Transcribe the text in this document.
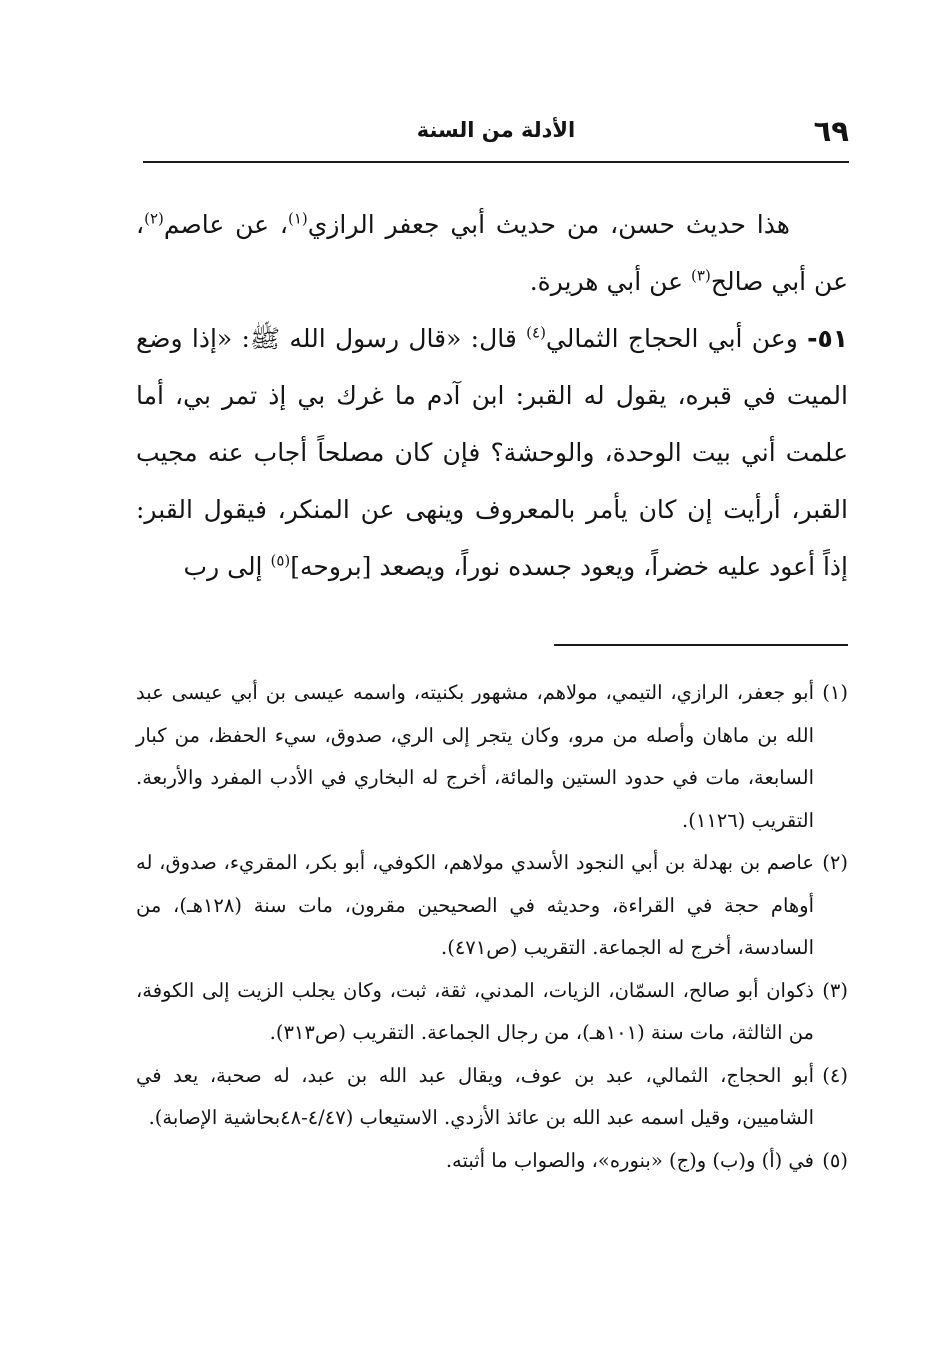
٦٩
الأدلة من السنة

هذا حديث حسن، من حديث أبي جعفر الرازي$^{(١)}$، عن عاصم$^{(٢)}$، عن أبي صالح$^{(٣)}$ عن أبي هريرة.

٥١- وعن أبي الحجاج الثمالي$^{(٤)}$ قال: «قال رسول الله ﷺ: «إذا وضع الميت في قبره، يقول له القبر: ابن آدم ما غرك بي إذ تمر بي، أما علمت أني بيت الوحدة، والوحشة؟ فإن كان مصلحاً أجاب عنه مجيب القبر، أرأيت إن كان يأمر بالمعروف وينهى عن المنكر، فيقول القبر: إذاً أعود عليه خضراً، ويعود جسده نوراً، ويصعد [بروحه]$^{(٥)}$ إلى رب

(١)
أبو جعفر، الرازي، التيمي، مولاهم، مشهور بكنيته، واسمه عيسى بن أبي عيسى عبد الله بن ماهان وأصله من مرو، وكان يتجر إلى الري، صدوق، سيء الحفظ، من كبار السابعة، مات في حدود الستين والمائة، أخرج له البخاري في الأدب المفرد والأربعة. التقريب (١١٢٦).
(٢)
عاصم بن بهدلة بن أبي النجود الأسدي مولاهم، الكوفي، أبو بكر، المقريء، صدوق، له أوهام حجة في القراءة، وحديثه في الصحيحين مقرون، مات سنة (١٢٨هـ)، من السادسة، أخرج له الجماعة. التقريب (ص٤٧١).
(٣)
ذكوان أبو صالح، السمّان، الزيات، المدني، ثقة، ثبت، وكان يجلب الزيت إلى الكوفة، من الثالثة، مات سنة (١٠١هـ)، من رجال الجماعة. التقريب (ص٣١٣).
(٤)
أبو الحجاج، الثمالي، عبد بن عوف، ويقال عبد الله بن عبد، له صحبة، يعد في الشاميين، وقيل اسمه عبد الله بن عائذ الأزدي. الاستيعاب (٤/٤٧-٤٨بحاشية الإصابة).
(٥)
في (أ) و(ب) و(ج) «بنوره»، والصواب ما أثبته.
